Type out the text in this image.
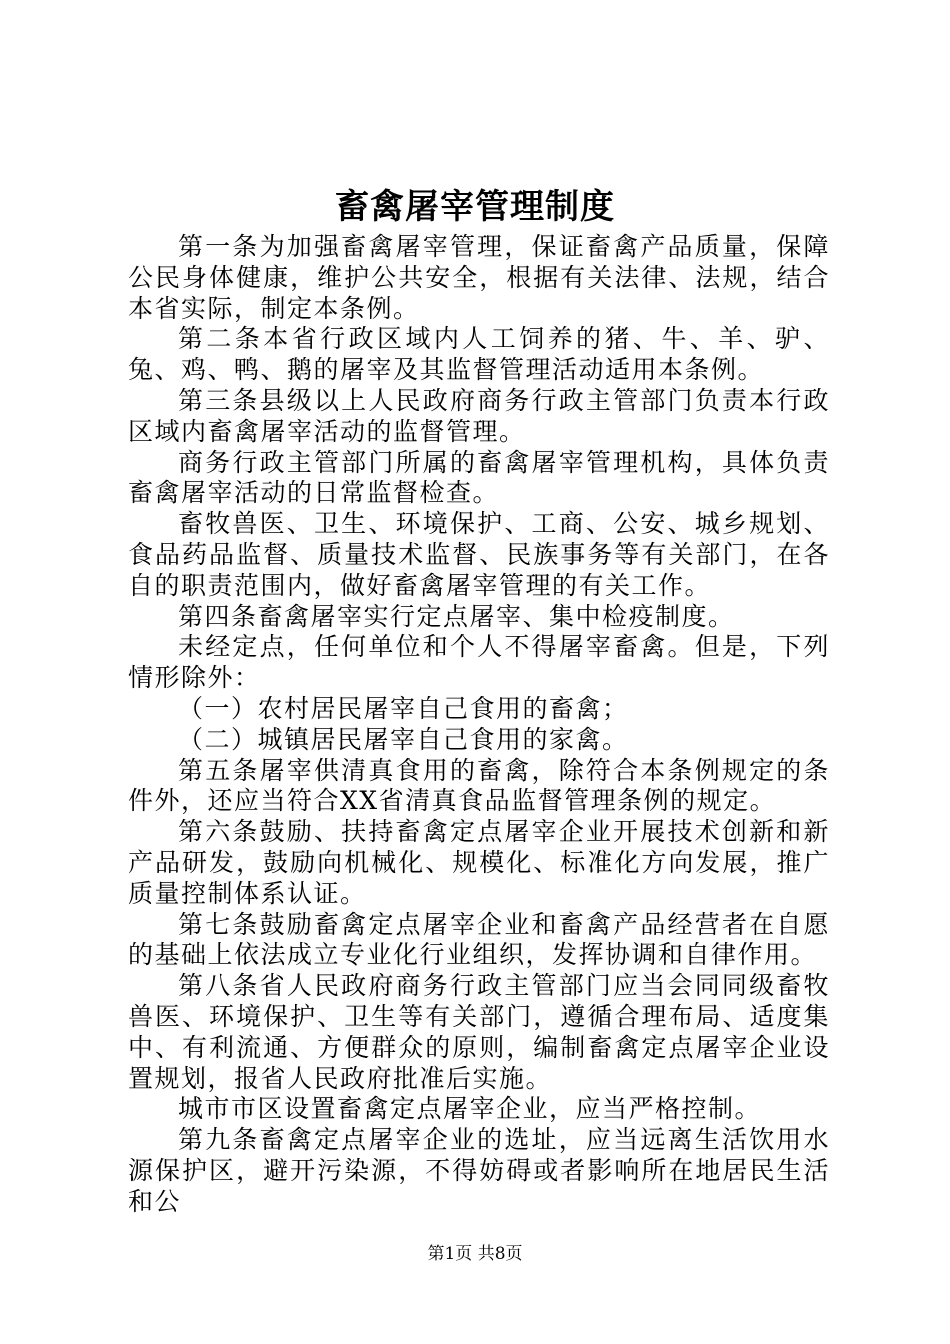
畜禽屠宰管理制度

第一条为加强畜禽屠宰管理，保证畜禽产品质量，保障公民身体健康，维护公共安全，根据有关法律、法规，结合本省实际，制定本条例。

第二条本省行政区域内人工饲养的猪、牛、羊、驴、兔、鸡、鸭、鹅的屠宰及其监督管理活动适用本条例。

第三条县级以上人民政府商务行政主管部门负责本行政区域内畜禽屠宰活动的监督管理。

商务行政主管部门所属的畜禽屠宰管理机构，具体负责畜禽屠宰活动的日常监督检查。

畜牧兽医、卫生、环境保护、工商、公安、城乡规划、食品药品监督、质量技术监督、民族事务等有关部门，在各自的职责范围内，做好畜禽屠宰管理的有关工作。

第四条畜禽屠宰实行定点屠宰、集中检疫制度。

未经定点，任何单位和个人不得屠宰畜禽。但是，下列情形除外：

（一）农村居民屠宰自己食用的畜禽；

（二）城镇居民屠宰自己食用的家禽。

第五条屠宰供清真食用的畜禽，除符合本条例规定的条件外，还应当符合XX省清真食品监督管理条例的规定。

第六条鼓励、扶持畜禽定点屠宰企业开展技术创新和新产品研发，鼓励向机械化、规模化、标准化方向发展，推广质量控制体系认证。

第七条鼓励畜禽定点屠宰企业和畜禽产品经营者在自愿的基础上依法成立专业化行业组织，发挥协调和自律作用。

第八条省人民政府商务行政主管部门应当会同同级畜牧兽医、环境保护、卫生等有关部门，遵循合理布局、适度集中、有利流通、方便群众的原则，编制畜禽定点屠宰企业设置规划，报省人民政府批准后实施。

城市市区设置畜禽定点屠宰企业，应当严格控制。

第九条畜禽定点屠宰企业的选址，应当远离生活饮用水源保护区，避开污染源，不得妨碍或者影响所在地居民生活和公

第1页 共8页
